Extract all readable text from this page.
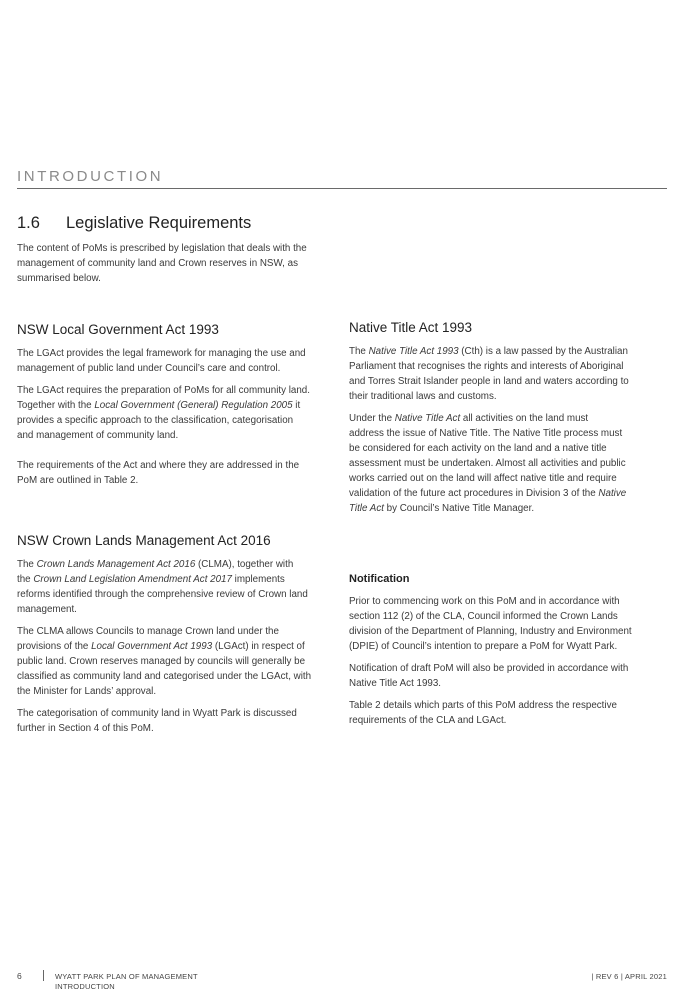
INTRODUCTION
1.6 Legislative Requirements

The content of PoMs is prescribed by legislation that deals with the

management of community land and Crown reserves in NSW, as

summarised below.

NSW Local Government Act 1993

The LGAct provides the legal framework for managing the use and

management of public land under Council’s care and control.

The LGAct requires the preparation of PoMs for all community land.

Together with the Local Government (General) Regulation 2005 it

provides a specific approach to the classification, categorisation

and management of community land.

The requirements of the Act and where they are addressed in the

PoM are outlined in Table 2.

NSW Crown Lands Management Act 2016

The Crown Lands Management Act 2016 (CLMA), together with

the Crown Land Legislation Amendment Act 2017 implements

reforms identified through the comprehensive review of Crown land

management.

The CLMA allows Councils to manage Crown land under the

provisions of the Local Government Act 1993 (LGAct) in respect of

public land. Crown reserves managed by councils will generally be

classified as community land and categorised under the LGAct, with

the Minister for Lands’ approval.

The categorisation of community land in Wyatt Park is discussed

further in Section 4 of this PoM.

Native Title Act 1993

The Native Title Act 1993 (Cth) is a law passed by the Australian

Parliament that recognises the rights and interests of Aboriginal

and Torres Strait Islander people in land and waters according to

their traditional laws and customs.

Under the Native Title Act all activities on the land must

address the issue of Native Title. The Native Title process must

be considered for each activity on the land and a native title

assessment must be undertaken. Almost all activities and public

works carried out on the land will affect native title and require

validation of the future act procedures in Division 3 of the Native

Title Act by Council’s Native Title Manager.

Notification

Prior to commencing work on this PoM and in accordance with

section 112 (2) of the CLA, Council informed the Crown Lands

division of the Department of Planning, Industry and Environment

(DPIE) of Council’s intention to prepare a PoM for Wyatt Park.

Notification of draft PoM will also be provided in accordance with

Native Title Act 1993.

Table 2 details which parts of this PoM address the respective

requirements of the CLA and LGAct.

6	WYATT PARK PLAN OF MANAGEMENT
INTRODUCTION
| REV 6 | APRIL 2021
